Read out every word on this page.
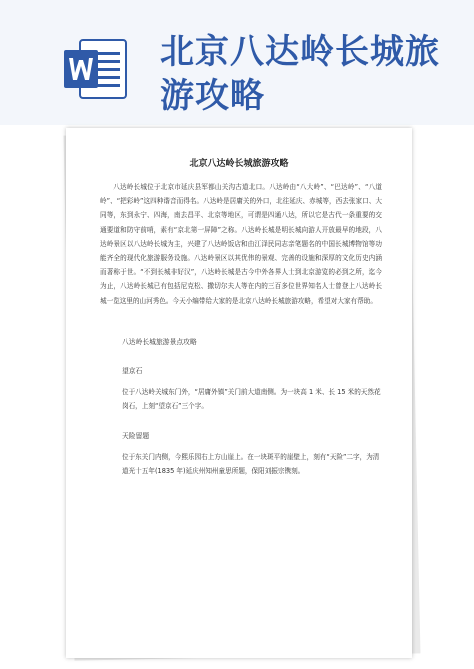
北京八达岭长城旅
游攻略
北京八达岭长城旅游攻略
八达岭长城位于北京市延庆县军都山关沟古道北口。八达岭由“八大岭”、“巴达岭”、“八道岭”、“把彩岭”这四种谐音而得名。八达岭是居庸关的外口，北往延庆、赤城等，西去张家口、大同等，东到永宁、四海，南去昌平、北京等地区，可谓是四通八达，所以它是古代一条重要的交通要道和防守前哨，素有“京北第一屏障”之称。八达岭长城是明长城向游人开放最早的地段，八达岭景区以八达岭长城为主，兴建了八达岭饭店和由江泽民同志亲笔题名的中国长城博物馆等功能齐全的现代化旅游服务设施。八达岭景区以其优伟的景观、完善的设施和深厚的文化历史内涵而著称于世。“不到长城非好汉”，八达岭长城是古今中外各界人士到北京游览的必到之所，迄今为止，八达岭长城已有包括尼克松、撒切尔夫人等在内的三百多位世界知名人士曾登上八达岭长城一览这里的山河秀色。今天小编带给大家的是北京八达岭长城旅游攻略，希望对大家有帮助。
八达岭长城旅游景点攻略
望京石
位于八达岭关城东门外，“居庸外镇”关门前大道南侧。为一块高 1 米、长 15 米的天然花岗石，上刻“望京石”三个字。
天险留题
位于东关门内侧，今熙乐园右上方山崖上。在一块斑平的崖壁上，刻有“天险”二字，为清道光十五年(1835 年)延庆州知州童思所题，保阳刘振宗镌刻。
